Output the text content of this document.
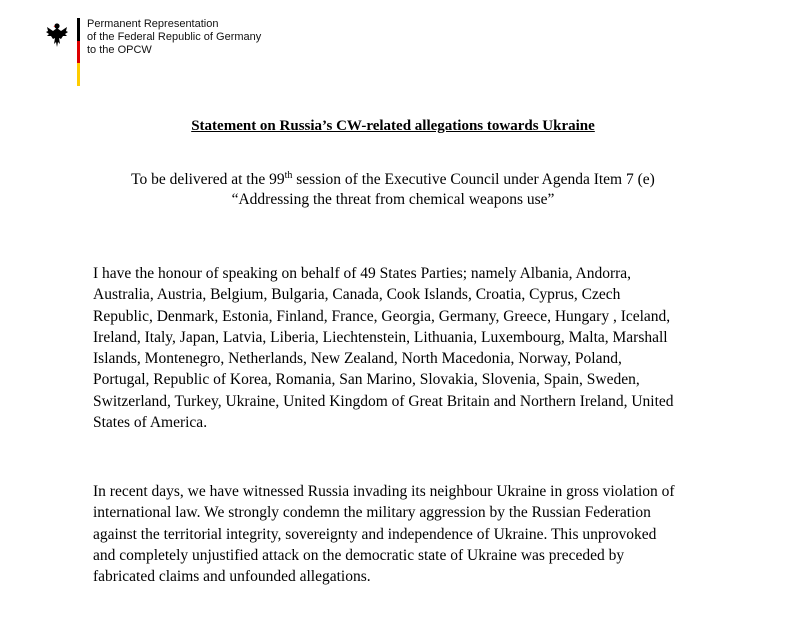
Permanent Representation
of the Federal Republic of Germany
to the OPCW
Statement on Russia’s CW-related allegations towards Ukraine
To be delivered at the 99th session of the Executive Council under Agenda Item 7 (e)
“Addressing the threat from chemical weapons use”
I have the honour of speaking on behalf of 49 States Parties; namely Albania, Andorra,
Australia, Austria, Belgium, Bulgaria, Canada, Cook Islands, Croatia, Cyprus, Czech
Republic, Denmark, Estonia, Finland, France, Georgia, Germany, Greece, Hungary , Iceland,
Ireland, Italy, Japan, Latvia, Liberia, Liechtenstein, Lithuania, Luxembourg, Malta, Marshall
Islands, Montenegro, Netherlands, New Zealand, North Macedonia, Norway, Poland,
Portugal, Republic of Korea, Romania, San Marino, Slovakia, Slovenia, Spain, Sweden,
Switzerland, Turkey, Ukraine, United Kingdom of Great Britain and Northern Ireland, United
States of America.
In recent days, we have witnessed Russia invading its neighbour Ukraine in gross violation of
international law. We strongly condemn the military aggression by the Russian Federation
against the territorial integrity, sovereignty and independence of Ukraine. This unprovoked
and completely unjustified attack on the democratic state of Ukraine was preceded by
fabricated claims and unfounded allegations.
